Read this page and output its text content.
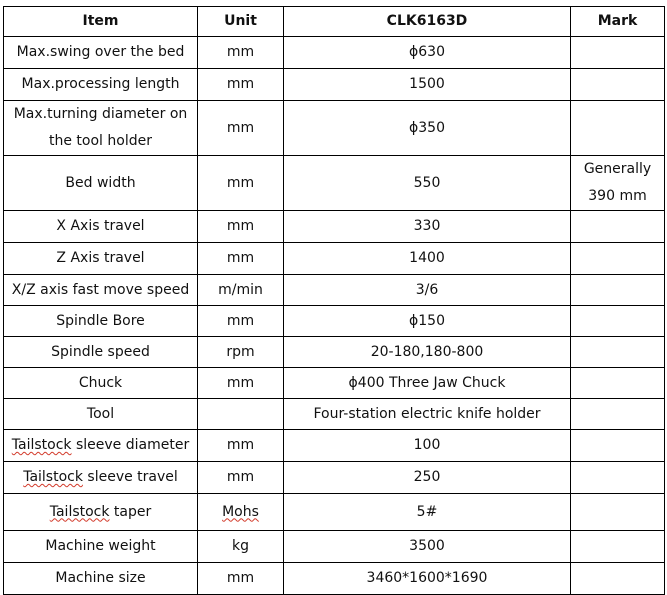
Item	Unit	CLK6163D	Mark
Max.swing over the bed	mm	ϕ630	
Max.processing length	mm	1500	
Max.turning diameter on
the tool holder	mm	ϕ350	
Bed width	mm	550	Generally
390 mm
X Axis travel	mm	330	
Z Axis travel	mm	1400	
X/Z axis fast move speed	m/min	3/6	
Spindle Bore	mm	ϕ150	
Spindle speed	rpm	20-180,180-800	
Chuck	mm	ϕ400 Three Jaw Chuck	
Tool		Four-station electric knife holder	
Tailstock sleeve diameter	mm	100	
Tailstock sleeve travel	mm	250	
Tailstock taper	Mohs	5#	
Machine weight	kg	3500	
Machine size	mm	3460*1600*1690	
